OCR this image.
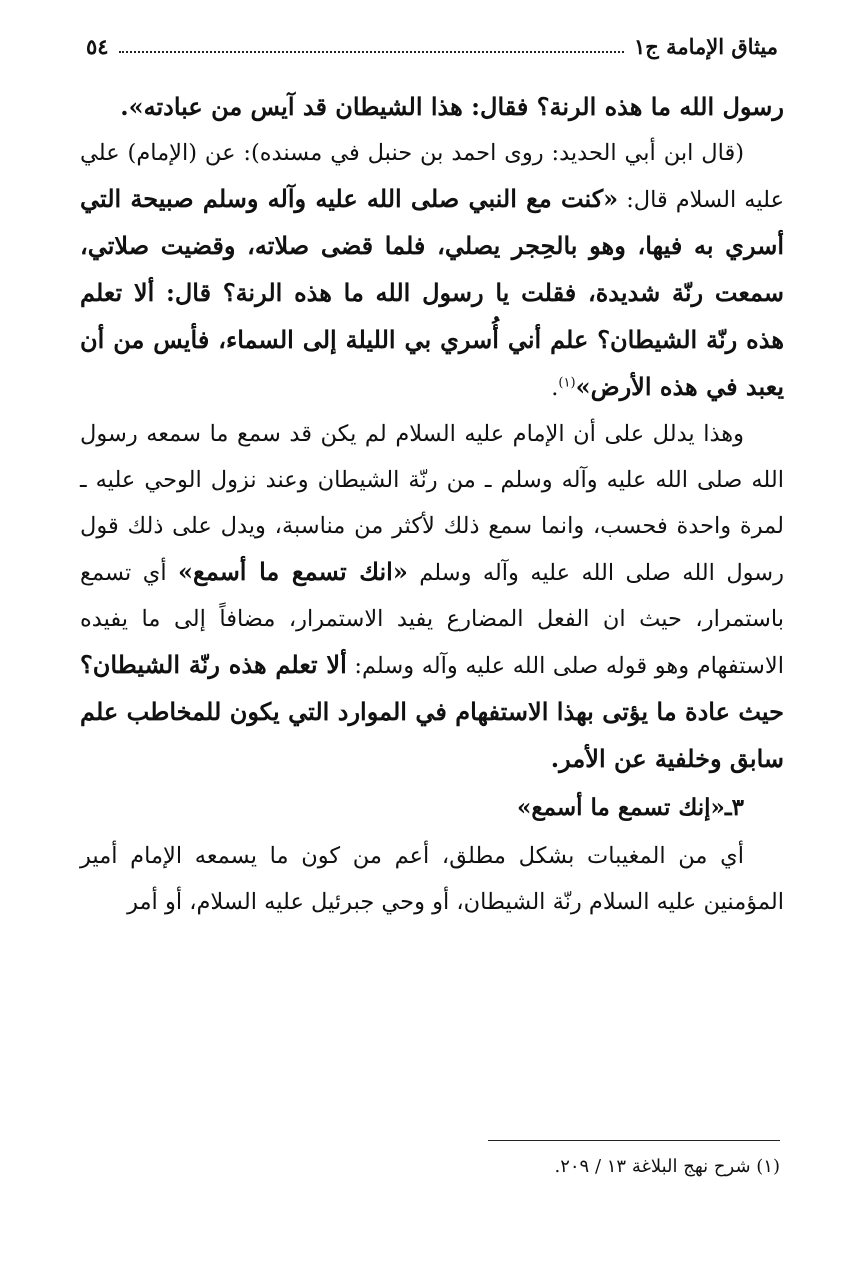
ميثاق الإمامة ج١
٥٤

رسول الله ما هذه الرنة؟ فقال: هذا الشيطان قد آيس من عبادته».

(قال ابن أبي الحديد: روى احمد بن حنبل في مسنده): عن (الإمام) علي عليه السلام قال: «كنت مع النبي صلى الله عليه وآله وسلم صبيحة التي أسري به فيها، وهو بالحِجر يصلي، فلما قضى صلاته، وقضيت صلاتي، سمعت رنّة شديدة، فقلت يا رسول الله ما هذه الرنة؟ قال: ألا تعلم هذه رنّة الشيطان؟ علم أني أُسري بي الليلة إلى السماء، فأيس من أن يعبد في هذه الأرض»$^{(١)}$.

وهذا يدلل على أن الإمام عليه السلام لم يكن قد سمع ما سمعه رسول الله صلى الله عليه وآله وسلم ـ من رنّة الشيطان وعند نزول الوحي عليه ـ لمرة واحدة فحسب، وانما سمع ذلك لأكثر من مناسبة، ويدل على ذلك قول رسول الله صلى الله عليه وآله وسلم «انك تسمع ما أسمع» أي تسمع باستمرار، حيث ان الفعل المضارع يفيد الاستمرار، مضافاً إلى ما يفيده الاستفهام وهو قوله صلى الله عليه وآله وسلم: ألا تعلم هذه رنّة الشيطان؟ حيث عادة ما يؤتى بهذا الاستفهام في الموارد التي يكون للمخاطب علم سابق وخلفية عن الأمر.

٣ـ«إنك تسمع ما أسمع»

أي من المغيبات بشكل مطلق، أعم من كون ما يسمعه الإمام أمير المؤمنين عليه السلام رنّة الشيطان، أو وحي جبرئيل عليه السلام، أو أمر

(١) شرح نهج البلاغة ١٣ / ٢٠٩.
